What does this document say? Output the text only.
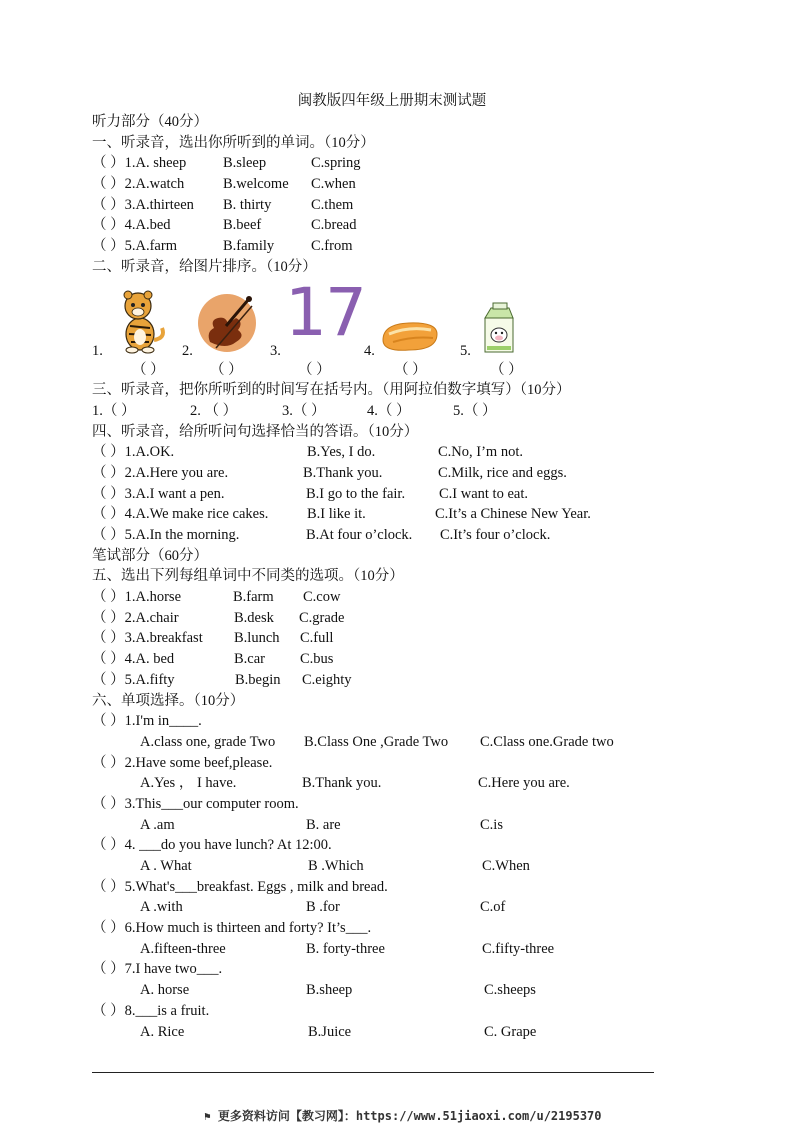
闽教版四年级上册期末测试题
听力部分（40分）
一、听录音，选出你所听到的单词。（10分）
（ ）1.A. sheep	B.sleep	C.spring
（ ）2.A.watch	B.welcome C.when
（ ）3.A.thirteen B. thirty	C.them
（ ）4.A.bed	B.beef	C.bread
（ ）5.A.farm	B.family	C.from
二、听录音，给图片排序。（10分）
1.	2.	3. 17 4.	5.
（ ）	（ ）	（ ）	（ ）	（ ）
三、听录音，把你所听到的时间写在括号内。（用阿拉伯数字填写）（10分）
1.（ ）	2. （ ）	3.（ ）	4.（ ）	5.（ ）
四、听录音，给所听问句选择恰当的答语。（10分）
（ ）1.A.OK.	B.Yes, I do.	C.No, I’m not.
（ ）2.A.Here you are.	B.Thank you.	C.Milk, rice and eggs.
（ ）3.A.I want a pen.	B.I go to the fair. C.I want to eat.
（ ）4.A.We make rice cakes.	B.I like it.	C.It’s a Chinese New Year.
（ ）5.A.In the morning.	B.At four o’clock. C.It’s four o’clock.
笔试部分（60分）
五、选出下列每组单词中不同类的选项。（10分）
（ ）1.A.horse	B.farm C.cow
（ ）2.A.chair	B.desk C.grade
（ ）3.A.breakfast B.lunch C.full
（ ）4.A. bed	B.car C.bus
（ ）5.A.fifty	B.begin C.eighty
六、单项选择。（10分）
（ ）1.I'm in____.
A.class one, grade Two B.Class One ,Grade Two C.Class one.Grade two
（ ）2.Have some beef,please.
A.Yes ， I have.	B.Thank you.	C.Here you are.
（ ）3.This___our computer room.
A .am	B. are	C.is
（ ）4. ___do you have lunch? At 12:00.
A . What	B .Which	C.When
（ ）5.What's___breakfast. Eggs , milk and bread.
A .with	B .for	C.of
（ ）6.How much is thirteen and forty? It’s___.
A.fifteen-three	B. forty-three	C.fifty-three
（ ）7.I have two___.
A. horse	B.sheep	C.sheeps
（ ）8.___is a fruit.
A. Rice	B.Juice	C. Grape
⚑ 更多资料访问【教习网】：https://www.51jiaoxi.com/u/2195370
